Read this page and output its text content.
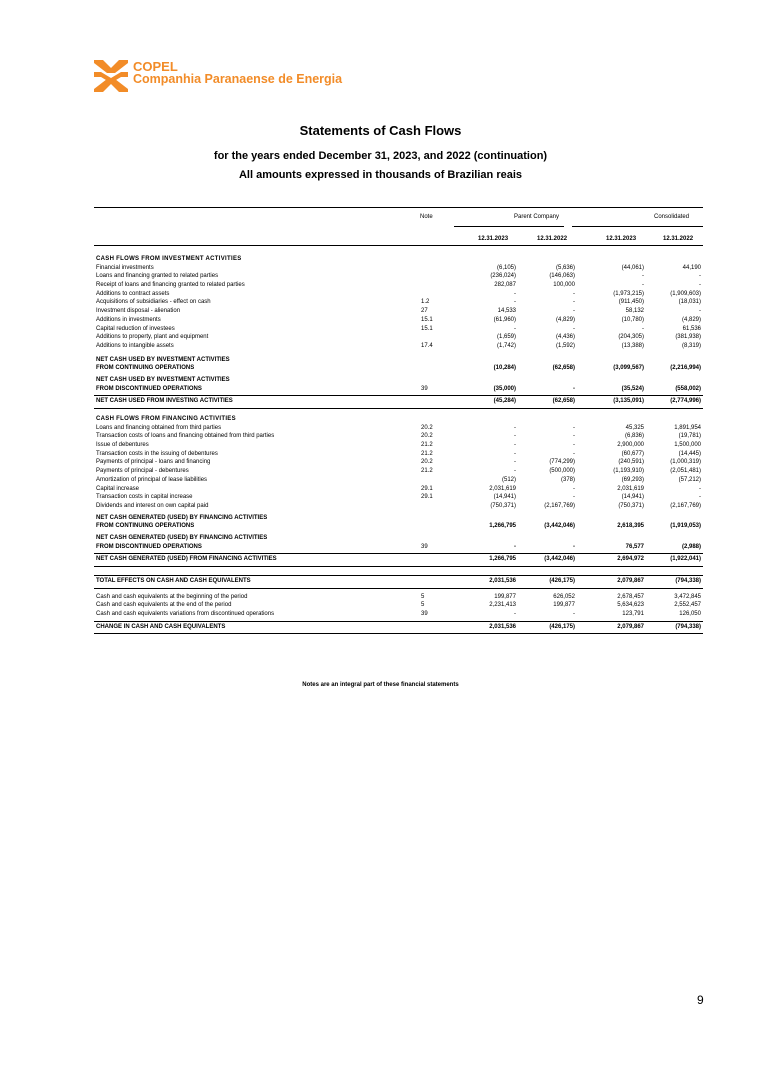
COPEL
Companhia Paranaense de Energia
Statements of Cash Flows
for the years ended December 31, 2023, and 2022 (continuation)
All amounts expressed in thousands of Brazilian reais
Note	Parent Company	Consolidated
12.31.2023	12.31.2022	12.31.2023	12.31.2022
CASH FLOWS FROM INVESTMENT ACTIVITIES
Financial investments	(6,105)	(5,636)	(44,061)	44,190
Loans and financing granted to related parties	(236,024)	(146,063)	-	-
Receipt of loans and financing granted to related parties	282,087	100,000	-	-
Additions to contract assets	-	-	(1,973,215)	(1,909,603)
Acquisitions of subsidiaries - effect on cash	1.2	-	-	(911,450)	(18,031)
Investment disposal - alienation	27	14,533	-	58,132	-
Additions in investments	15.1	(61,960)	(4,829)	(10,780)	(4,829)
Capital reduction of investees	15.1	-	-	-	61,536
Additions to property, plant and equipment	(1,659)	(4,436)	(204,305)	(381,938)
Additions to intangible assets	17.4	(1,742)	(1,592)	(13,388)	(8,319)
NET CASH USED BY INVESTMENT ACTIVITIES
FROM CONTINUING OPERATIONS	(10,284)	(62,658)	(3,099,567)	(2,216,994)
NET CASH USED BY INVESTMENT ACTIVITIES
FROM DISCONTINUED OPERATIONS	39	(35,000)	-	(35,524)	(558,002)
NET CASH USED FROM INVESTING ACTIVITIES	(45,284)	(62,658)	(3,135,091)	(2,774,996)
CASH FLOWS FROM FINANCING ACTIVITIES
Loans and financing obtained from third parties	20.2	-	-	45,325	1,891,954
Transaction costs of loans and financing obtained from third parties	20.2	-	-	(6,836)	(19,781)
Issue of debentures	21.2	-	-	2,900,000	1,500,000
Transaction costs in the issuing of debentures	21.2	-	-	(60,677)	(14,445)
Payments of principal - loans and financing	20.2	-	(774,299)	(240,591)	(1,000,319)
Payments of principal - debentures	21.2	-	(500,000)	(1,193,910)	(2,051,481)
Amortization of principal of lease liabilities	(512)	(378)	(69,293)	(57,212)
Capital increase	29.1	2,031,619	-	2,031,619	-
Transaction costs in capital increase	29.1	(14,941)	-	(14,941)	-
Dividends and interest on own capital paid	(750,371)	(2,167,769)	(750,371)	(2,167,769)
NET CASH GENERATED (USED) BY FINANCING ACTIVITIES
FROM CONTINUING OPERATIONS	1,266,795	(3,442,046)	2,618,395	(1,919,053)
NET CASH GENERATED (USED) BY FINANCING ACTIVITIES
FROM DISCONTINUED OPERATIONS	39	-	-	76,577	(2,988)
NET CASH GENERATED (USED) FROM FINANCING ACTIVITIES	1,266,795	(3,442,046)	2,694,972	(1,922,041)
TOTAL EFFECTS ON CASH AND CASH EQUIVALENTS	2,031,536	(426,175)	2,079,867	(794,338)
Cash and cash equivalents at the beginning of the period	5	199,877	626,052	2,678,457	3,472,845
Cash and cash equivalents at the end of the period	5	2,231,413	199,877	5,634,623	2,552,457
Cash and cash equivalents variations from discontinued operations	39	-	-	123,791	126,050
CHANGE IN CASH AND CASH EQUIVALENTS	2,031,536	(426,175)	2,079,867	(794,338)
Notes are an integral part of these financial statements
9
